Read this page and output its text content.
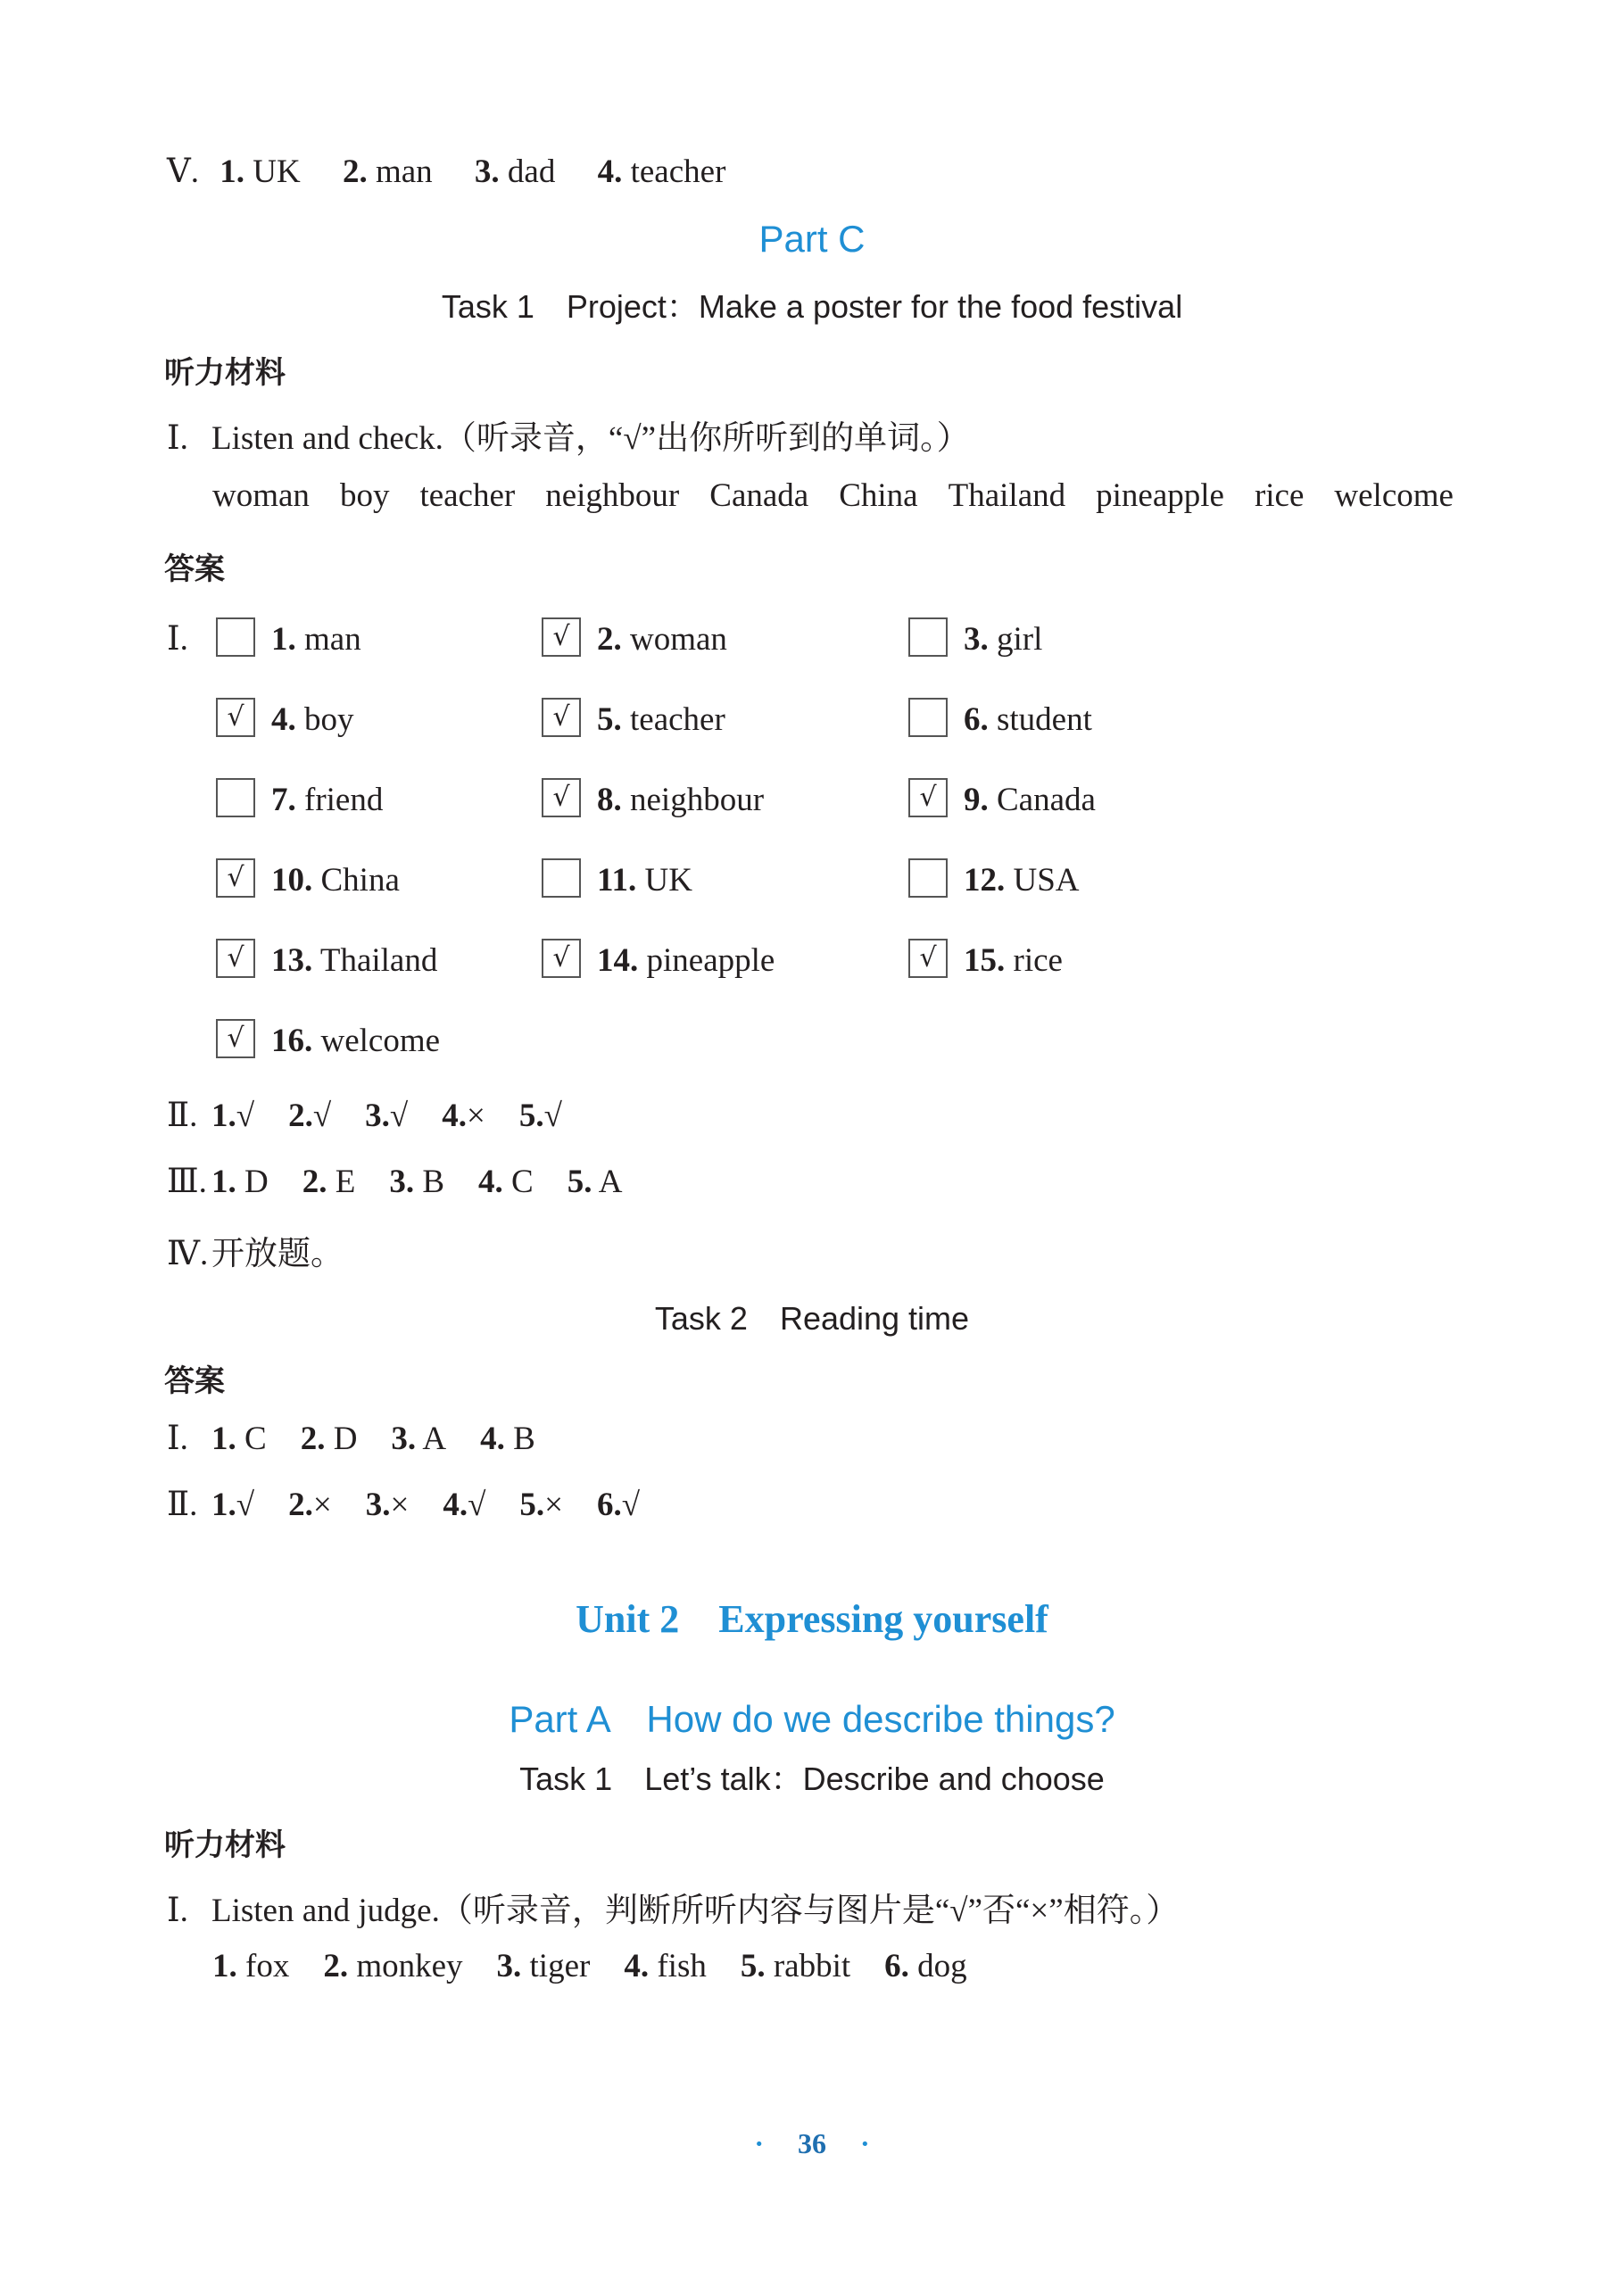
Ⅴ. 1. UK 2. man 3. dad 4. teacher
Part C
Task 1　Project：Make a poster for the food festival
听力材料
Ⅰ. Listen and check.（听录音，“√”出你所听到的单词。）
woman boy teacher neighbour Canada China Thailand pineapple rice welcome
答案
Ⅰ.	1. man	√ 2. woman	3. girl
√ 4. boy	√ 5. teacher	6. student
7. friend	√ 8. neighbour	√ 9. Canada
√ 10. China	11. UK	12. USA
√ 13. Thailand	√ 14. pineapple	√ 15. rice
√ 16. welcome
Ⅱ. 1.√ 2.√ 3.√ 4.× 5.√
Ⅲ. 1. D 2. E 3. B 4. C 5. A
Ⅳ. 开放题。
Task 2　Reading time
答案
Ⅰ. 1. C 2. D 3. A 4. B
Ⅱ. 1.√ 2.× 3.× 4.√ 5.× 6.√
Unit 2　Expressing yourself
Part A　How do we describe things?
Task 1　Let’s talk：Describe and choose
听力材料
Ⅰ. Listen and judge.（听录音，判断所听内容与图片是“√”否“×”相符。）
1. fox 2. monkey 3. tiger 4. fish 5. rabbit 6. dog
· 36 ·
